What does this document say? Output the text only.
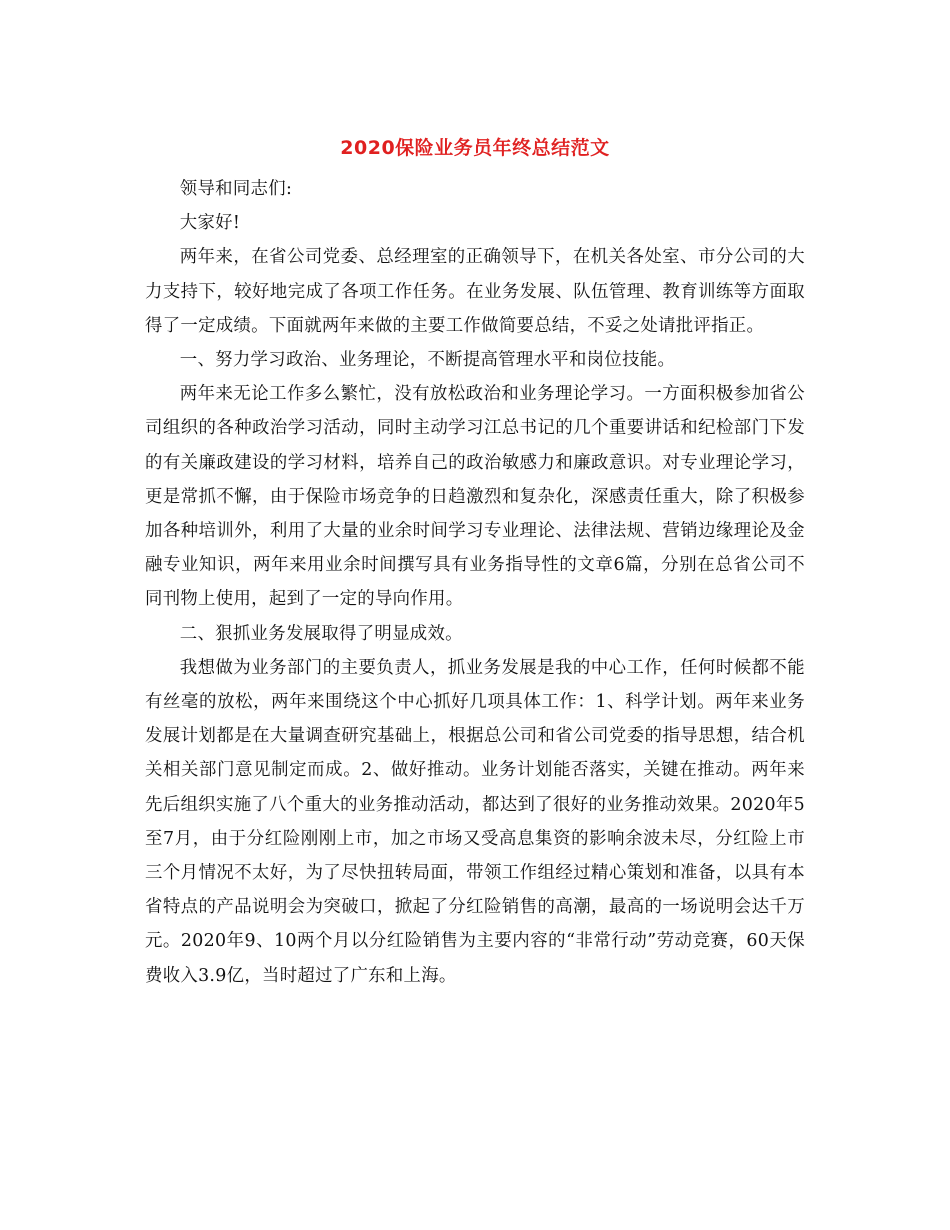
2020保险业务员年终总结范文

领导和同志们:

大家好!

两年来，在省公司党委、总经理室的正确领导下，在机关各处室、市分公司的大力支持下，较好地完成了各项工作任务。在业务发展、队伍管理、教育训练等方面取得了一定成绩。下面就两年来做的主要工作做简要总结，不妥之处请批评指正。

一、努力学习政治、业务理论，不断提高管理水平和岗位技能。

两年来无论工作多么繁忙，没有放松政治和业务理论学习。一方面积极参加省公司组织的各种政治学习活动，同时主动学习江总书记的几个重要讲话和纪检部门下发的有关廉政建设的学习材料，培养自己的政治敏感力和廉政意识。对专业理论学习，更是常抓不懈，由于保险市场竞争的日趋激烈和复杂化，深感责任重大，除了积极参加各种培训外，利用了大量的业余时间学习专业理论、法律法规、营销边缘理论及金融专业知识，两年来用业余时间撰写具有业务指导性的文章6篇，分别在总省公司不同刊物上使用，起到了一定的导向作用。

二、狠抓业务发展取得了明显成效。

我想做为业务部门的主要负责人，抓业务发展是我的中心工作，任何时候都不能有丝毫的放松，两年来围绕这个中心抓好几项具体工作：1、科学计划。两年来业务发展计划都是在大量调查研究基础上，根据总公司和省公司党委的指导思想，结合机关相关部门意见制定而成。2、做好推动。业务计划能否落实，关键在推动。两年来先后组织实施了八个重大的业务推动活动，都达到了很好的业务推动效果。2020年5至7月，由于分红险刚刚上市，加之市场又受高息集资的影响余波未尽，分红险上市三个月情况不太好，为了尽快扭转局面，带领工作组经过精心策划和准备，以具有本省特点的产品说明会为突破口，掀起了分红险销售的高潮，最高的一场说明会达千万元。2020年9、10两个月以分红险销售为主要内容的“非常行动”劳动竞赛，60天保费收入3.9亿，当时超过了广东和上海。
